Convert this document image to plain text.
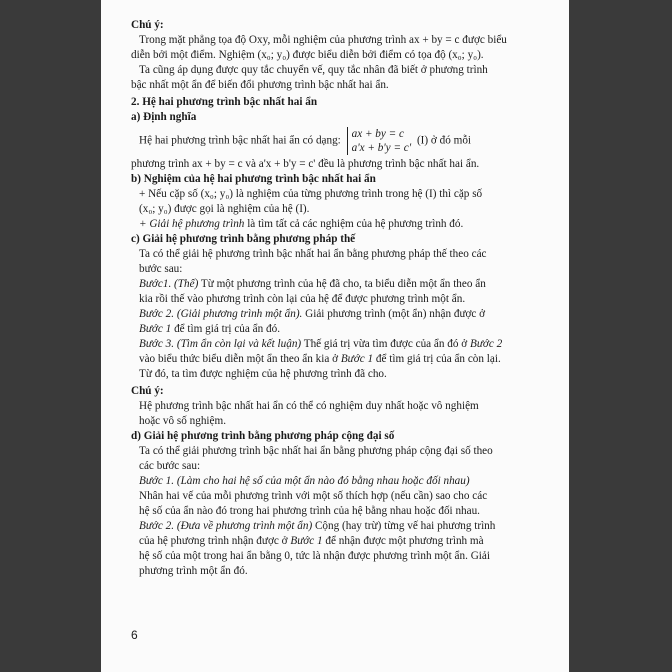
Chú ý:
Trong mặt phẳng tọa độ Oxy, mỗi nghiệm của phương trình ax + by = c được biểu
diễn bởi một điểm. Nghiệm (x₀; y₀) được biểu diễn bởi điểm có tọa độ (x₀; y₀).
Ta cũng áp dụng được quy tắc chuyển vế, quy tắc nhân đã biết ở phương trình
bậc nhất một ẩn để biến đổi phương trình bậc nhất hai ẩn.
2. Hệ hai phương trình bậc nhất hai ẩn
a) Định nghĩa
Hệ hai phương trình bậc nhất hai ẩn có dạng:
ax + by = c
a'x + b'y = c'
(I) ở đó mỗi
phương trình ax + by = c và a'x + b'y = c' đều là phương trình bậc nhất hai ẩn.
b) Nghiệm của hệ hai phương trình bậc nhất hai ẩn
+ Nếu cặp số (x₀; y₀) là nghiệm của từng phương trình trong hệ (I) thì cặp số
(x₀; y₀) được gọi là nghiệm của hệ (I).
+ Giải hệ phương trình là tìm tất cả các nghiệm của hệ phương trình đó.
c) Giải hệ phương trình bằng phương pháp thế
Ta có thể giải hệ phương trình bậc nhất hai ẩn bằng phương pháp thế theo các
bước sau:
Bước1. (Thế) Từ một phương trình của hệ đã cho, ta biểu diễn một ẩn theo ẩn
kia rồi thế vào phương trình còn lại của hệ để được phương trình một ẩn.
Bước 2. (Giải phương trình một ẩn). Giải phương trình (một ẩn) nhận được ở
Bước 1 để tìm giá trị của ẩn đó.
Bước 3. (Tìm ẩn còn lại và kết luận) Thế giá trị vừa tìm được của ẩn đó ở Bước 2
vào biểu thức biểu diễn một ẩn theo ẩn kia ở Bước 1 để tìm giá trị của ẩn còn lại.
Từ đó, ta tìm được nghiệm của hệ phương trình đã cho.
Chú ý:
Hệ phương trình bậc nhất hai ẩn có thể có nghiệm duy nhất hoặc vô nghiệm
hoặc vô số nghiệm.
d) Giải hệ phương trình bằng phương pháp cộng đại số
Ta có thể giải phương trình bậc nhất hai ẩn bằng phương pháp cộng đại số theo
các bước sau:
Bước 1. (Làm cho hai hệ số của một ẩn nào đó bằng nhau hoặc đối nhau)
Nhân hai vế của mỗi phương trình với một số thích hợp (nếu cần) sao cho các
hệ số của ẩn nào đó trong hai phương trình của hệ bằng nhau hoặc đối nhau.
Bước 2. (Đưa về phương trình một ẩn) Cộng (hay trừ) từng vế hai phương trình
của hệ phương trình nhận được ở Bước 1 để nhận được một phương trình mà
hệ số của một trong hai ẩn bằng 0, tức là nhận được phương trình một ẩn. Giải
phương trình một ẩn đó.
6
